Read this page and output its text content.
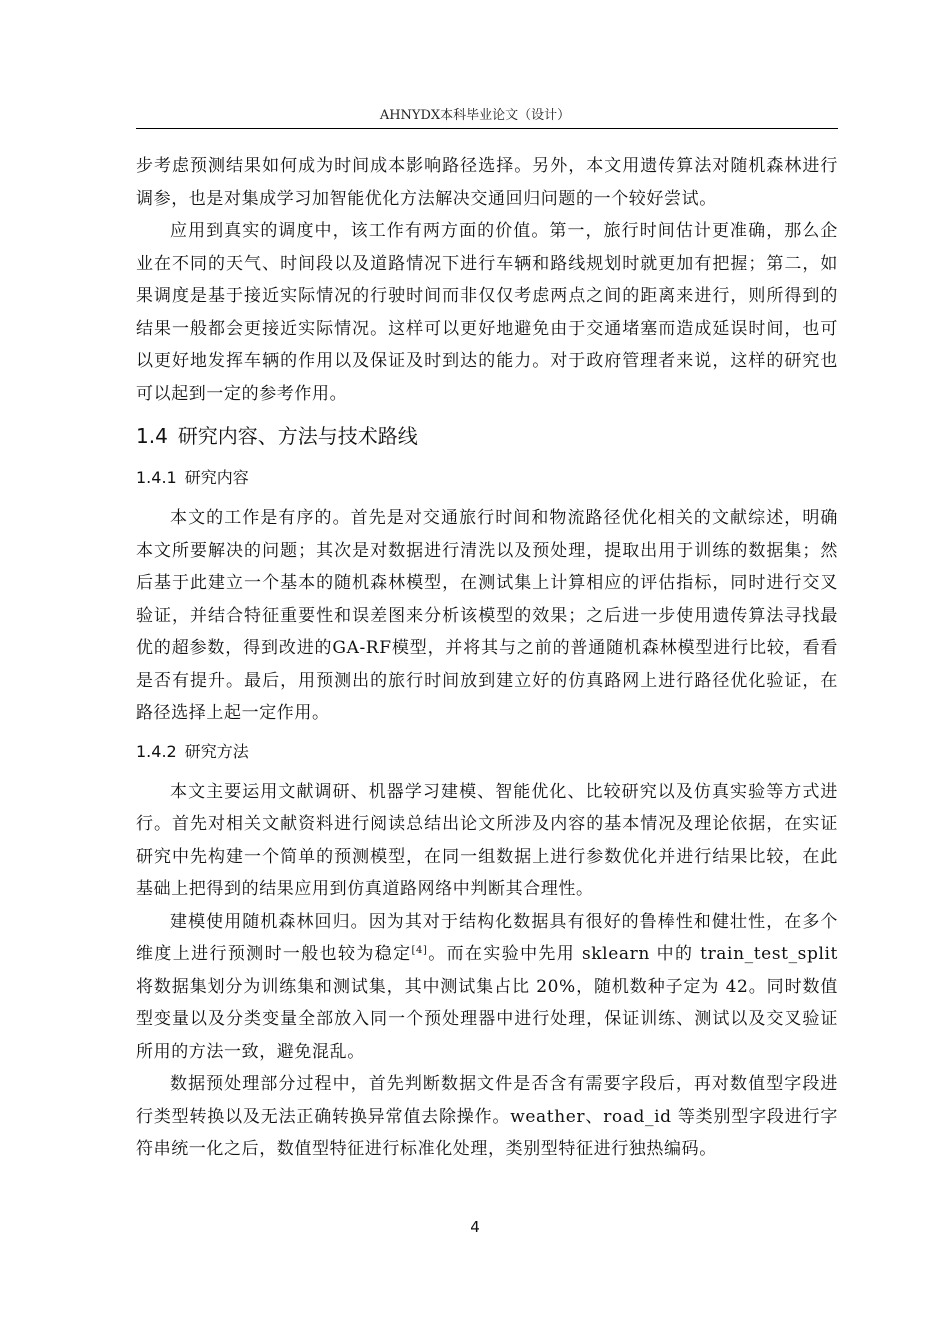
AHNYDX本科毕业论文（设计）

步考虑预测结果如何成为时间成本影响路径选择。另外，本文用遗传算法对随机森林进行调参，也是对集成学习加智能优化方法解决交通回归问题的一个较好尝试。

应用到真实的调度中，该工作有两方面的价值。第一，旅行时间估计更准确，那么企业在不同的天气、时间段以及道路情况下进行车辆和路线规划时就更加有把握；第二，如果调度是基于接近实际情况的行驶时间而非仅仅考虑两点之间的距离来进行，则所得到的结果一般都会更接近实际情况。这样可以更好地避免由于交通堵塞而造成延误时间，也可以更好地发挥车辆的作用以及保证及时到达的能力。对于政府管理者来说，这样的研究也可以起到一定的参考作用。

1.4 研究内容、方法与技术路线
1.4.1 研究内容

本文的工作是有序的。首先是对交通旅行时间和物流路径优化相关的文献综述，明确本文所要解决的问题；其次是对数据进行清洗以及预处理，提取出用于训练的数据集；然后基于此建立一个基本的随机森林模型，在测试集上计算相应的评估指标，同时进行交叉验证，并结合特征重要性和误差图来分析该模型的效果；之后进一步使用遗传算法寻找最优的超参数，得到改进的GA-RF模型，并将其与之前的普通随机森林模型进行比较，看看是否有提升。最后，用预测出的旅行时间放到建立好的仿真路网上进行路径优化验证，在路径选择上起一定作用。

1.4.2 研究方法

本文主要运用文献调研、机器学习建模、智能优化、比较研究以及仿真实验等方式进行。首先对相关文献资料进行阅读总结出论文所涉及内容的基本情况及理论依据，在实证研究中先构建一个简单的预测模型，在同一组数据上进行参数优化并进行结果比较，在此基础上把得到的结果应用到仿真道路网络中判断其合理性。

建模使用随机森林回归。因为其对于结构化数据具有很好的鲁棒性和健壮性，在多个维度上进行预测时一般也较为稳定[4]。而在实验中先用 sklearn 中的 train_test_split 将数据集划分为训练集和测试集，其中测试集占比 20%，随机数种子定为 42。同时数值型变量以及分类变量全部放入同一个预处理器中进行处理，保证训练、测试以及交叉验证所用的方法一致，避免混乱。

数据预处理部分过程中，首先判断数据文件是否含有需要字段后，再对数值型字段进行类型转换以及无法正确转换异常值去除操作。weather、road_id 等类别型字段进行字符串统一化之后，数值型特征进行标准化处理，类别型特征进行独热编码。

4
